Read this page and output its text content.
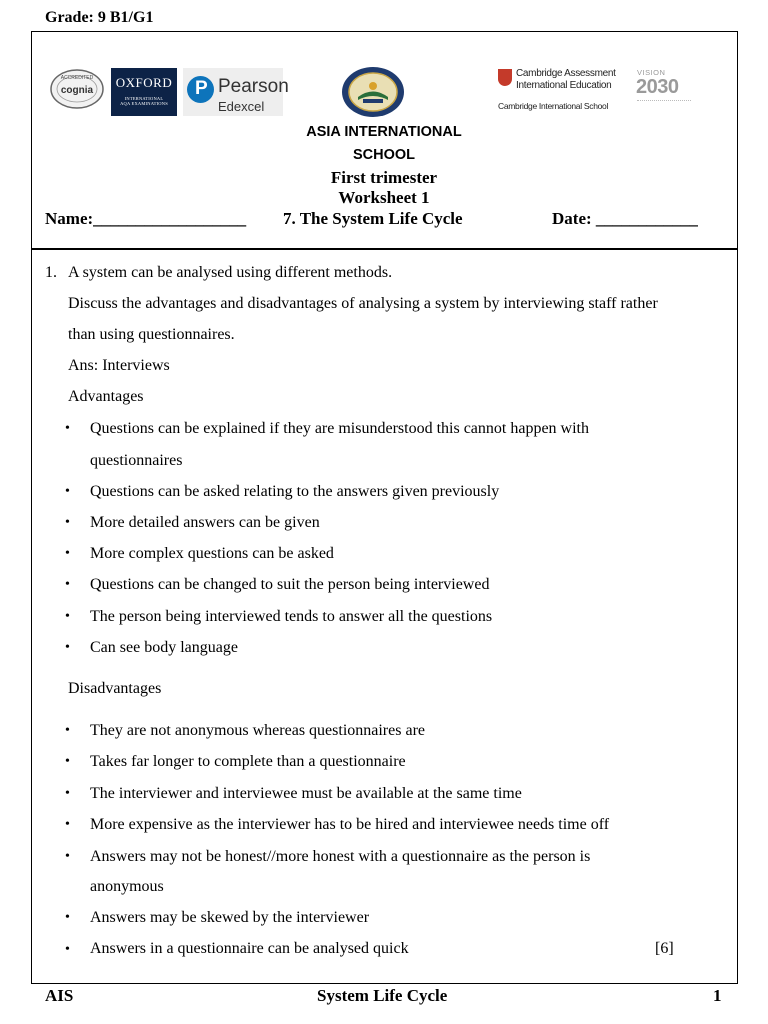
Grade: 9 B1/G1
ACCREDITED
cognia
OXFORD
INTERNATIONAL
AQA EXAMINATIONS
P Pearson
Edexcel
Cambridge Assessment
International Education
Cambridge International School
VISION
2030
ASIA INTERNATIONAL
SCHOOL
First trimester
Worksheet 1
Name:__________________ 7. The System Life Cycle	Date: ____________
1. A system can be analysed using different methods.
Discuss the advantages and disadvantages of analysing a system by interviewing staff rather
than using questionnaires.
Ans: Interviews
Advantages
• Questions can be explained if they are misunderstood this cannot happen with
questionnaires
• Questions can be asked relating to the answers given previously
• More detailed answers can be given
• More complex questions can be asked
• Questions can be changed to suit the person being interviewed
• The person being interviewed tends to answer all the questions
• Can see body language
Disadvantages
• They are not anonymous whereas questionnaires are
• Takes far longer to complete than a questionnaire
• The interviewer and interviewee must be available at the same time
• More expensive as the interviewer has to be hired and interviewee needs time off
• Answers may not be honest//more honest with a questionnaire as the person is
anonymous
• Answers may be skewed by the interviewer
• Answers in a questionnaire can be analysed quick	[6]
AIS	System Life Cycle	1
